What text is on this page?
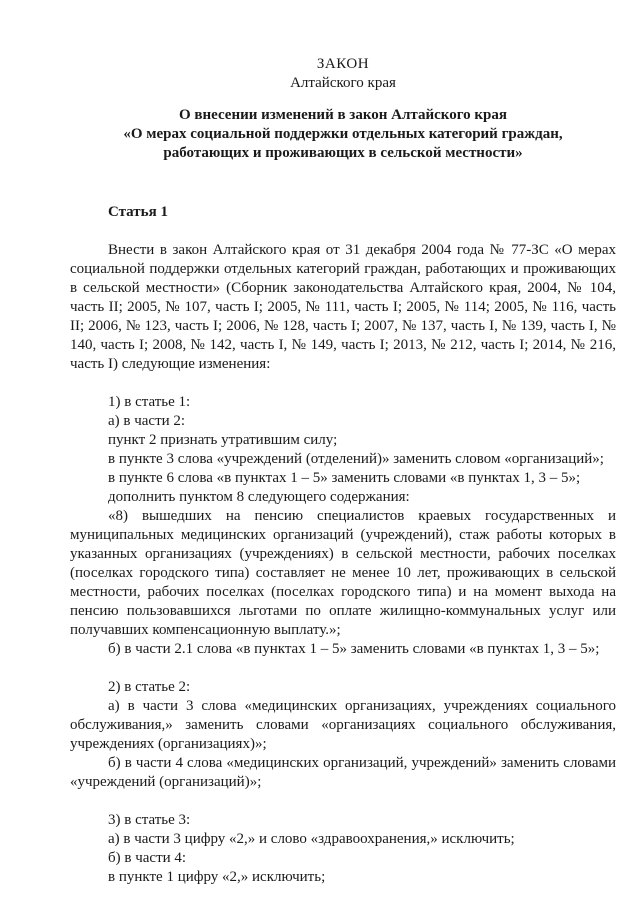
ЗАКОН

Алтайского края

О внесении изменений в закон Алтайского края

«О мерах социальной поддержки отдельных категорий граждан,

работающих и проживающих в сельской местности»

Статья 1

Внести в закон Алтайского края от 31 декабря 2004 года № 77-ЗС «О мерах социальной поддержки отдельных категорий граждан, работающих и проживающих в сельской местности» (Сборник законодательства Алтайского края, 2004, № 104, часть II; 2005, № 107, часть I; 2005, № 111, часть I; 2005, № 114; 2005, № 116, часть II; 2006, № 123, часть I; 2006, № 128, часть I; 2007, № 137, часть I, № 139, часть I, № 140, часть I; 2008, № 142, часть I, № 149, часть I; 2013, № 212, часть I; 2014, № 216, часть I) следующие изменения:

1) в статье 1:

а) в части 2:

пункт 2 признать утратившим силу;

в пункте 3 слова «учреждений (отделений)» заменить словом «организаций»;

в пункте 6 слова «в пунктах 1 – 5» заменить словами «в пунктах 1, 3 – 5»;

дополнить пунктом 8 следующего содержания:

«8) вышедших на пенсию специалистов краевых государственных и муниципальных медицинских организаций (учреждений), стаж работы которых в указанных организациях (учреждениях) в сельской местности, рабочих поселках (поселках городского типа) составляет не менее 10 лет, проживающих в сельской местности, рабочих поселках (поселках городского типа) и на момент выхода на пенсию пользовавшихся льготами по оплате жилищно-коммунальных услуг или получавших компенсационную выплату.»;

б) в части 2.1 слова «в пунктах 1 – 5» заменить словами «в пунктах 1, 3 – 5»;

2) в статье 2:

а) в части 3 слова «медицинских организациях, учреждениях социального обслуживания,» заменить словами «организациях социального обслуживания, учреждениях (организациях)»;

б) в части 4 слова «медицинских организаций, учреждений» заменить словами «учреждений (организаций)»;

3) в статье 3:

а) в части 3 цифру «2,» и слово «здравоохранения,» исключить;

б) в части 4:

в пункте 1 цифру «2,» исключить;
